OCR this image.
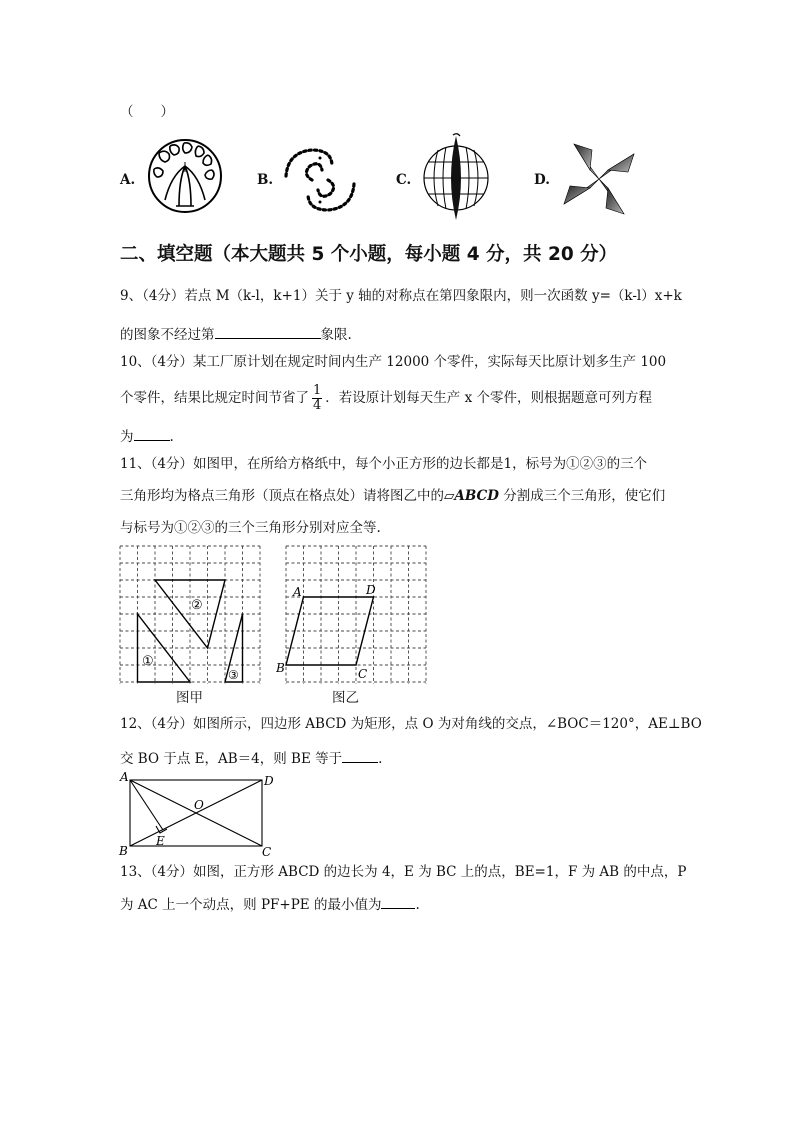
（　　）
A.	B.	C.	D.
二、填空题（本大题共 5 个小题，每小题 4 分，共 20 分）
9、（4分）若点 M（k-l，k+1）关于 y 轴的对称点在第四象限内，则一次函数 y=（k-l）x+k
的图象不经过第	象限.
10、（4分）某工厂原计划在规定时间内生产 12000 个零件，实际每天比原计划多生产 100
个零件，结果比规定时间节省了 $\frac{1}{4}$ ．若设原计划每天生产 x 个零件，则根据题意可列方程
为	.
11、（4分）如图甲，在所给方格纸中，每个小正方形的边长都是1，标号为①②③的三个
三角形均为格点三角形（顶点在格点处）请将图乙中的▱ABCD 分割成三个三角形，使它们
与标号为①②③的三个三角形分别对应全等.
①
②
③
图甲
A	D
B	C
图乙
12、（4分）如图所示，四边形 ABCD 为矩形，点 O 为对角线的交点，∠BOC＝120°，AE⊥BO
交 BO 于点 E，AB＝4，则 BE 等于	.
A	D
O
E
B	C
13、（4分）如图，正方形 ABCD 的边长为 4，E 为 BC 上的点，BE=1，F 为 AB 的中点，P
为 AC 上一个动点，则 PF+PE 的最小值为	.
